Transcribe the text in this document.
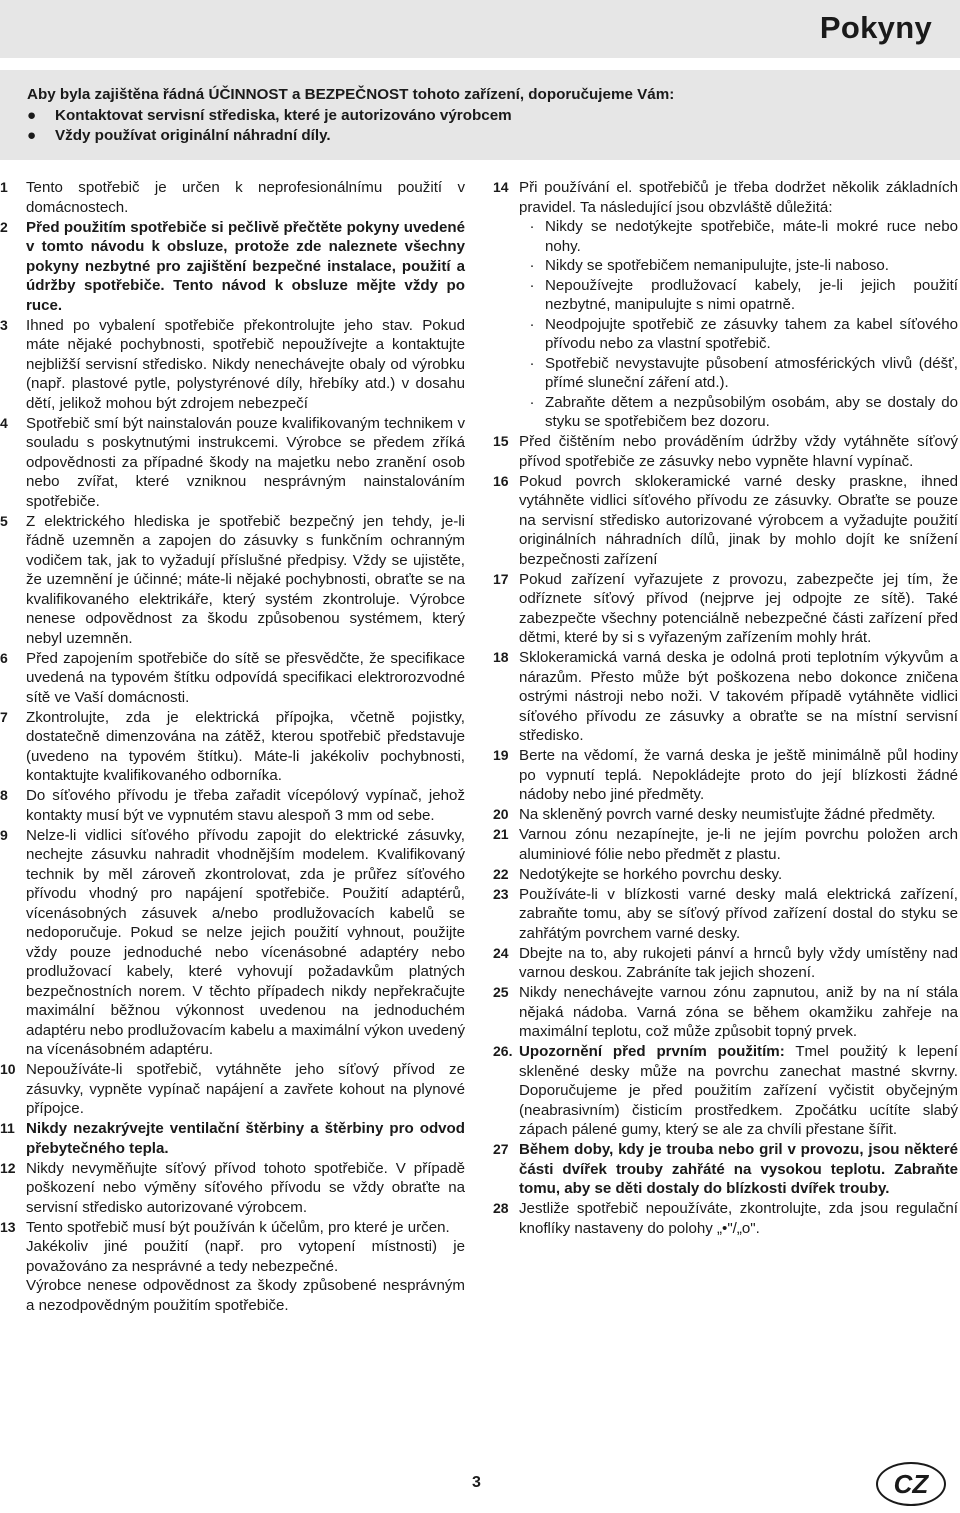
Pokyny
Aby byla zajištěna řádná ÚČINNOST a BEZPEČNOST tohoto zařízení, doporučujeme Vám:
● Kontaktovat servisní střediska, které je autorizováno výrobcem
● Vždy používat originální náhradní díly.
1	Tento spotřebič je určen k neprofesionálnímu použití v domácnostech.
2	Před použitím spotřebiče si pečlivě přečtěte pokyny uvedené v tomto návodu k obsluze, protože zde naleznete všechny pokyny nezbytné pro zajištění bezpečné instalace, použití a údržby spotřebiče. Tento návod k obsluze mějte vždy po ruce.
3	Ihned po vybalení spotřebiče překontrolujte jeho stav. Pokud máte nějaké pochybnosti, spotřebič nepoužívejte a kontaktujte nejbližší servisní středisko. Nikdy nenechávejte obaly od výrobku (např. plastové pytle, polystyrénové díly, hřebíky atd.) v dosahu dětí, jelikož mohou být zdrojem nebezpečí
4	Spotřebič smí být nainstalován pouze kvalifikovaným technikem v souladu s poskytnutými instrukcemi. Výrobce se předem zříká odpovědnosti za případné škody na majetku nebo zranění osob nebo zvířat, které vzniknou nesprávným nainstalováním spotřebiče.
5	Z elektrického hlediska je spotřebič bezpečný jen tehdy, je-li řádně uzemněn a zapojen do zásuvky s funkčním ochranným vodičem tak, jak to vyžadují příslušné předpisy. Vždy se ujistěte, že uzemnění je účinné; máte-li nějaké pochybnosti, obraťte se na kvalifikovaného elektrikáře, který systém zkontroluje. Výrobce nenese odpovědnost za škodu způsobenou systémem, který nebyl uzemněn.
6	Před zapojením spotřebiče do sítě se přesvědčte, že specifikace uvedená na typovém štítku odpovídá specifikaci elektrorozvodné sítě ve Vaší domácnosti.
7	Zkontrolujte, zda je elektrická přípojka, včetně pojistky, dostatečně dimenzována na zátěž, kterou spotřebič představuje (uvedeno na typovém štítku). Máte-li jakékoliv pochybnosti, kontaktujte kvalifikovaného odborníka.
8	Do síťového přívodu je třeba zařadit vícepólový vypínač, jehož kontakty musí být ve vypnutém stavu alespoň 3 mm od sebe.
9	Nelze-li vidlici síťového přívodu zapojit do elektrické zásuvky, nechejte zásuvku nahradit vhodnějším modelem. Kvalifikovaný technik by měl zároveň zkontrolovat, zda je průřez síťového přívodu vhodný pro napájení spotřebiče. Použití adaptérů, vícenásobných zásuvek a/nebo prodlužovacích kabelů se nedoporučuje. Pokud se nelze jejich použití vyhnout, použijte vždy pouze jednoduché nebo vícenásobné adaptéry nebo prodlužovací kabely, které vyhovují požadavkům platných bezpečnostních norem. V těchto případech nikdy nepřekračujte maximální běžnou výkonnost uvedenou na jednoduchém adaptéru nebo prodlužovacím kabelu a maximální výkon uvedený na vícenásobném adaptéru.
10 Nepoužíváte-li spotřebič, vytáhněte jeho síťový přívod ze zásuvky, vypněte vypínač napájení a zavřete kohout na plynové přípojce.
11 Nikdy nezakrývejte ventilační štěrbiny a štěrbiny pro odvod přebytečného tepla.
12 Nikdy nevyměňujte síťový přívod tohoto spotřebiče. V případě poškození nebo výměny síťového přívodu se vždy obraťte na servisní středisko autorizované výrobcem.
13 Tento spotřebič musí být používán k účelům, pro které je určen.
Jakékoliv jiné použití (např. pro vytopení místnosti) je považováno za nesprávné a tedy nebezpečné.
Výrobce nenese odpovědnost za škody způsobené nesprávným a nezodpovědným použitím spotřebiče.
14 Při používání el. spotřebičů je třeba dodržet několik základních pravidel. Ta následující jsou obzvláště důležitá:
· Nikdy se nedotýkejte spotřebiče, máte-li mokré ruce nebo nohy.
· Nikdy se spotřebičem nemanipulujte, jste-li naboso.
· Nepoužívejte prodlužovací kabely, je-li jejich použití nezbytné, manipulujte s nimi opatrně.
· Neodpojujte spotřebič ze zásuvky tahem za kabel síťového přívodu nebo za vlastní spotřebič.
· Spotřebič nevystavujte působení atmosférických vlivů (déšť, přímé sluneční záření atd.).
· Zabraňte dětem a nezpůsobilým osobám, aby se dostaly do styku se spotřebičem bez dozoru.
15 Před čištěním nebo prováděním údržby vždy vytáhněte síťový přívod spotřebiče ze zásuvky nebo vypněte hlavní vypínač.
16 Pokud povrch sklokeramické varné desky praskne, ihned vytáhněte vidlici síťového přívodu ze zásuvky. Obraťte se pouze na servisní středisko autorizované výrobcem a vyžadujte použití originálních náhradních dílů, jinak by mohlo dojít ke snížení bezpečnosti zařízení
17 Pokud zařízení vyřazujete z provozu, zabezpečte jej tím, že odříznete síťový přívod (nejprve jej odpojte ze sítě). Také zabezpečte všechny potenciálně nebezpečné části zařízení před dětmi, které by si s vyřazeným zařízením mohly hrát.
18 Sklokeramická varná deska je odolná proti teplotním výkyvům a nárazům. Přesto může být poškozena nebo dokonce zničena ostrými nástroji nebo noži. V takovém případě vytáhněte vidlici síťového přívodu ze zásuvky a obraťte se na místní servisní středisko.
19 Berte na vědomí, že varná deska je ještě minimálně půl hodiny po vypnutí teplá. Nepokládejte proto do její blízkosti žádné nádoby nebo jiné předměty.
20 Na skleněný povrch varné desky neumisťujte žádné předměty.
21 Varnou zónu nezapínejte, je-li ne jejím povrchu položen arch aluminiové fólie nebo předmět z plastu.
22 Nedotýkejte se horkého povrchu desky.
23 Používáte-li v blízkosti varné desky malá elektrická zařízení, zabraňte tomu, aby se síťový přívod zařízení dostal do styku se zahřátým povrchem varné desky.
24 Dbejte na to, aby rukojeti pánví a hrnců byly vždy umístěny nad varnou deskou. Zabráníte tak jejich shození.
25 Nikdy nenechávejte varnou zónu zapnutou, aniž by na ní stála nějaká nádoba. Varná zóna se během okamžiku zahřeje na maximální teplotu, což může způsobit topný prvek.
26. Upozornění před prvním použitím: Tmel použitý k lepení skleněné desky může na povrchu zanechat mastné skvrny. Doporučujeme je před použitím zařízení vyčistit obyčejným (neabrasivním) čisticím prostředkem. Zpočátku ucítíte slabý zápach pálené gumy, který se ale za chvíli přestane šířit.
27 Během doby, kdy je trouba nebo gril v provozu, jsou některé části dvířek trouby zahřáté na vysokou teplotu. Zabraňte tomu, aby se děti dostaly do blízkosti dvířek trouby.
28 Jestliže spotřebič nepoužíváte, zkontrolujte, zda jsou regulační knoflíky nastaveny do polohy „•"/„o".
3	CZ
